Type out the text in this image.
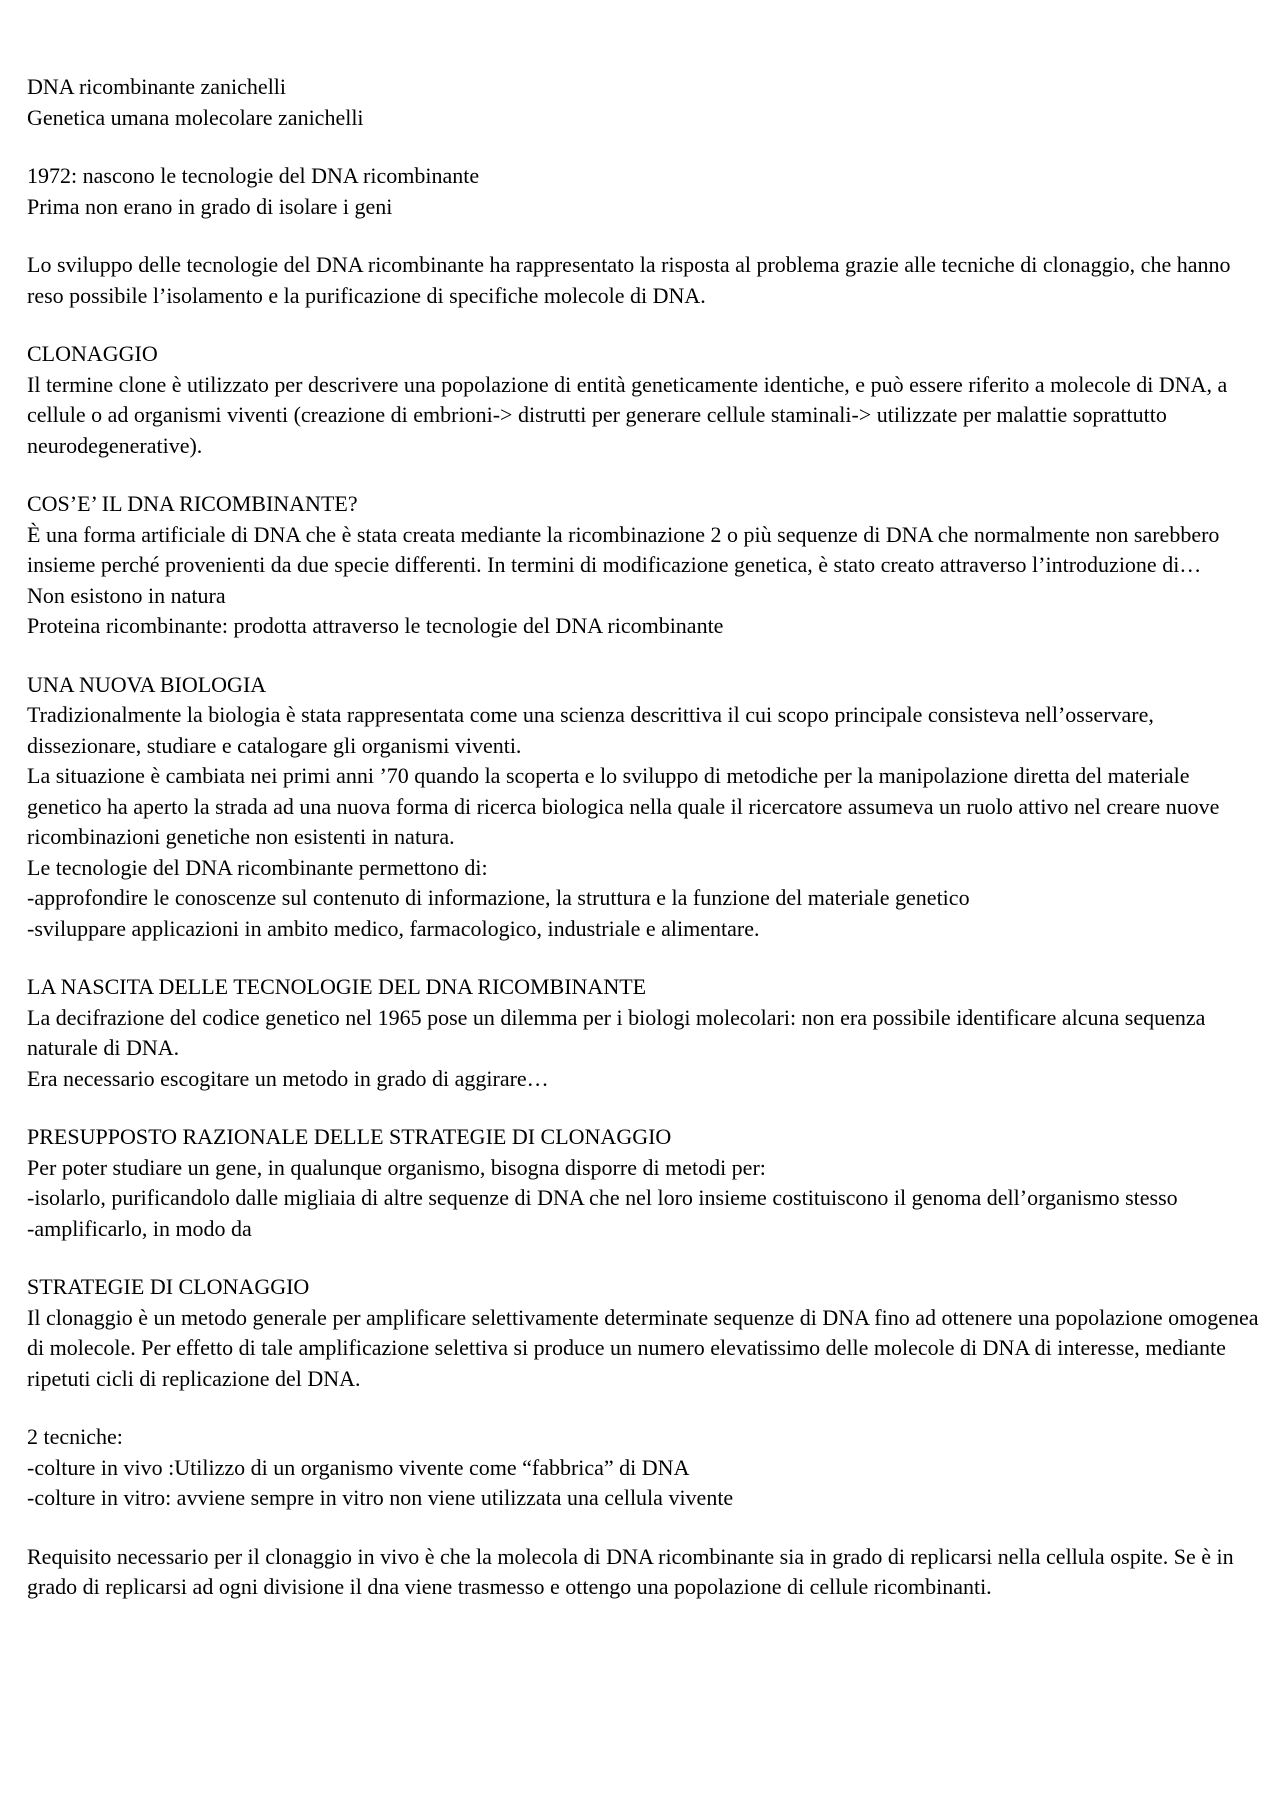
DNA ricombinante zanichelli
Genetica umana molecolare zanichelli
1972: nascono le tecnologie del DNA ricombinante
Prima non erano in grado di isolare i geni
Lo sviluppo delle tecnologie del DNA ricombinante ha rappresentato la risposta al problema grazie alle tecniche di clonaggio, che hanno reso possibile l’isolamento e la purificazione di specifiche molecole di DNA.
CLONAGGIO
Il termine clone è utilizzato per descrivere una popolazione di entità geneticamente identiche, e può essere riferito a molecole di DNA, a cellule o ad organismi viventi (creazione di embrioni-> distrutti per generare cellule staminali-> utilizzate per malattie soprattutto neurodegenerative).
COS’E’ IL DNA RICOMBINANTE?
È una forma artificiale di DNA che è stata creata mediante la ricombinazione 2 o più sequenze di DNA che normalmente non sarebbero insieme perché provenienti da due specie differenti. In termini di modificazione genetica, è stato creato attraverso l’introduzione di…
Non esistono in natura
Proteina ricombinante: prodotta attraverso le tecnologie del DNA ricombinante
UNA NUOVA BIOLOGIA
Tradizionalmente la biologia è stata rappresentata come una scienza descrittiva il cui scopo principale consisteva nell’osservare, dissezionare, studiare e catalogare gli organismi viventi.
La situazione è cambiata nei primi anni ’70 quando la scoperta e lo sviluppo di metodiche per la manipolazione diretta del materiale genetico ha aperto la strada ad una nuova forma di ricerca biologica nella quale il ricercatore assumeva un ruolo attivo nel creare nuove ricombinazioni genetiche non esistenti in natura.
Le tecnologie del DNA ricombinante permettono di:
-approfondire le conoscenze sul contenuto di informazione, la struttura e la funzione del materiale genetico
-sviluppare applicazioni in ambito medico, farmacologico, industriale e alimentare.
LA NASCITA DELLE TECNOLOGIE DEL DNA RICOMBINANTE
La decifrazione del codice genetico nel 1965 pose un dilemma per i biologi molecolari: non era possibile identificare alcuna sequenza naturale di DNA.
Era necessario escogitare un metodo in grado di aggirare…
PRESUPPOSTO RAZIONALE DELLE STRATEGIE DI CLONAGGIO
Per poter studiare un gene, in qualunque organismo, bisogna disporre di metodi per:
-isolarlo, purificandolo dalle migliaia di altre sequenze di DNA che nel loro insieme costituiscono il genoma dell’organismo stesso
-amplificarlo, in modo da
STRATEGIE DI CLONAGGIO
Il clonaggio è un metodo generale per amplificare selettivamente determinate sequenze di DNA fino ad ottenere una popolazione omogenea di molecole. Per effetto di tale amplificazione selettiva si produce un numero elevatissimo delle molecole di DNA di interesse, mediante ripetuti cicli di replicazione del DNA.
2 tecniche:
-colture in vivo :Utilizzo di un organismo vivente come “fabbrica” di DNA
-colture in vitro: avviene sempre in vitro non viene utilizzata una cellula vivente
Requisito necessario per il clonaggio in vivo è che la molecola di DNA ricombinante sia in grado di replicarsi nella cellula ospite. Se è in grado di replicarsi ad ogni divisione il dna viene trasmesso e ottengo una popolazione di cellule ricombinanti.
